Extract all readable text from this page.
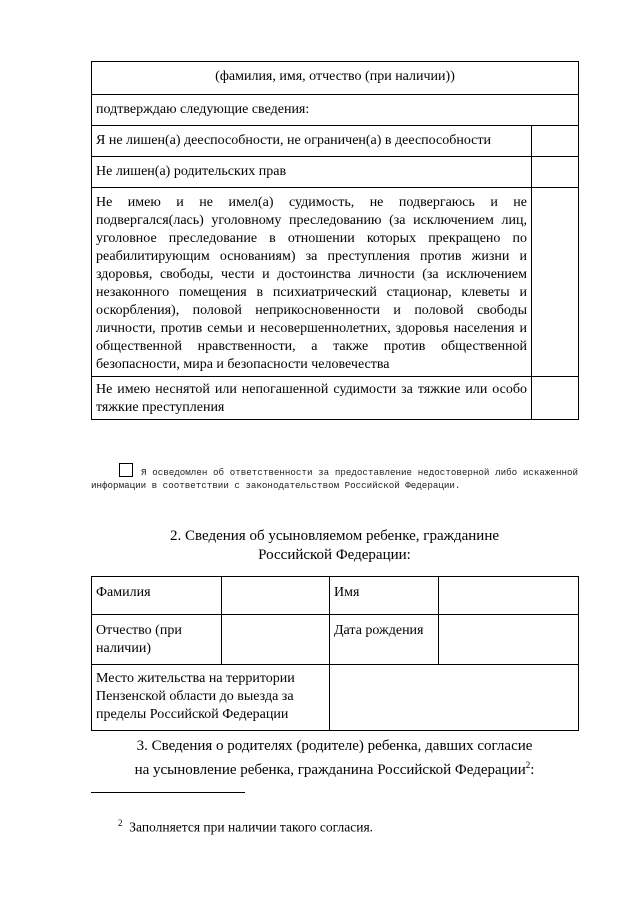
(фамилия, имя, отчество (при наличии))	
подтверждаю следующие сведения:	
Я не лишен(а) дееспособности, не ограничен(а) в дееспособности	
Не лишен(а) родительских прав	
Не имею и не имел(а) судимость, не подвергаюсь и не подвергался(лась) уголовному преследованию (за исключением лиц, уголовное преследование в отношении которых прекращено по реабилитирующим основаниям) за преступления против жизни и здоровья, свободы, чести и достоинства личности (за исключением незаконного помещения в психиатрический стационар, клеветы и оскорбления), половой неприкосновенности и половой свободы личности, против семьи и несовершеннолетних, здоровья населения и общественной нравственности, а также против общественной безопасности, мира и безопасности человечества	
Не имею неснятой или непогашенной судимости за тяжкие или особо тяжкие преступления	
Я осведомлен об ответственности за предоставление недостоверной либо искаженной информации в соответствии с законодательством Российской Федерации.
2. Сведения об усыновляемом ребенке, гражданине
Российской Федерации:
Фамилия		Имя	
Отчество (при наличии)		Дата рождения	
Место жительства на территории Пензенской области до выезда за пределы Российской Федерации			
3. Сведения о родителях (родителе) ребенка, давших согласие
на усыновление ребенка, гражданина Российской Федерации$^2$:
$^2$ Заполняется при наличии такого согласия.
